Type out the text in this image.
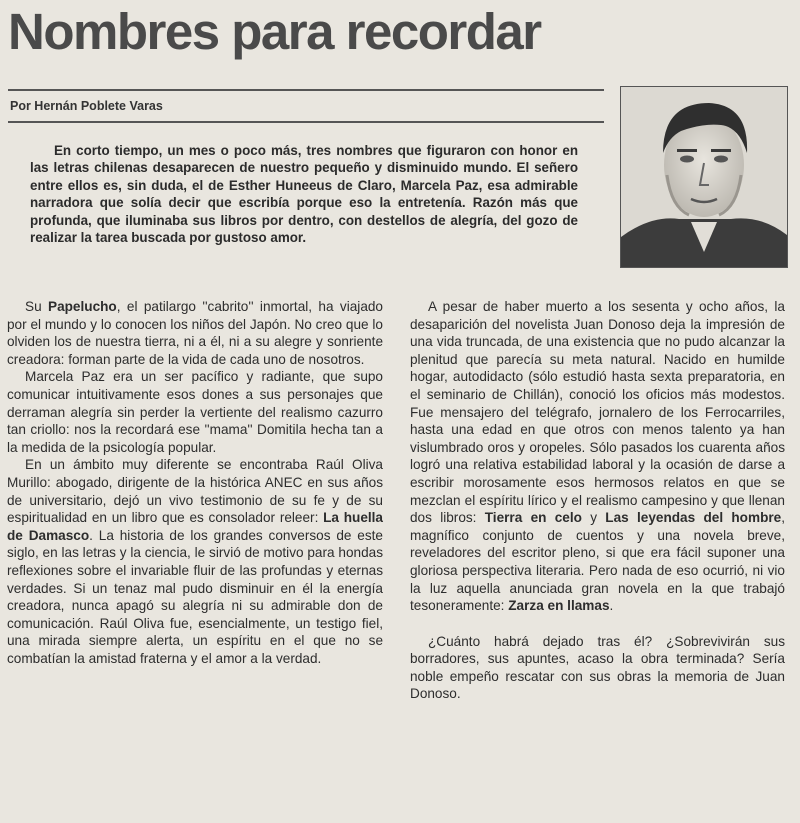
Nombres para recordar
Por Hernán Poblete Varas

En corto tiempo, un mes o poco más, tres nombres que figuraron con honor en las letras chilenas desaparecen de nuestro pequeño y disminuido mundo. El señero entre ellos es, sin duda, el de Esther Huneeus de Claro, Marcela Paz, esa admirable narradora que solía decir que escribía porque eso la entretenía. Razón más que profunda, que iluminaba sus libros por dentro, con destellos de alegría, del gozo de realizar la tarea buscada por gustoso amor.

Su Papelucho, el patilargo ''cabrito'' inmortal, ha viajado por el mundo y lo conocen los niños del Japón. No creo que lo olviden los de nuestra tierra, ni a él, ni a su alegre y sonriente creadora: forman parte de la vida de cada uno de nosotros.

Marcela Paz era un ser pacífico y radiante, que supo comunicar intuitivamente esos dones a sus personajes que derraman alegría sin perder la vertiente del realismo cazurro tan criollo: nos la recordará ese ''mama'' Domitila hecha tan a la medida de la psicología popular.

En un ámbito muy diferente se encontraba Raúl Oliva Murillo: abogado, dirigente de la histórica ANEC en sus años de universitario, dejó un vivo testimonio de su fe y de su espiritualidad en un libro que es consolador releer: La huella de Damasco. La historia de los grandes conversos de este siglo, en las letras y la ciencia, le sirvió de motivo para hondas reflexiones sobre el invariable fluir de las profundas y eternas verdades. Si un tenaz mal pudo disminuir en él la energía creadora, nunca apagó su alegría ni su admirable don de comunicación. Raúl Oliva fue, esencialmente, un testigo fiel, una mirada siempre alerta, un espíritu en el que no se combatían la amistad fraterna y el amor a la verdad.

A pesar de haber muerto a los sesenta y ocho años, la desaparición del novelista Juan Donoso deja la impresión de una vida truncada, de una existencia que no pudo alcanzar la plenitud que parecía su meta natural. Nacido en humilde hogar, autodidacto (sólo estudió hasta sexta preparatoria, en el seminario de Chillán), conoció los oficios más modestos. Fue mensajero del telégrafo, jornalero de los Ferrocarriles, hasta una edad en que otros con menos talento ya han vislumbrado oros y oropeles. Sólo pasados los cuarenta años logró una relativa estabilidad laboral y la ocasión de darse a escribir morosamente esos hermosos relatos en que se mezclan el espíritu lírico y el realismo campesino y que llenan dos libros: Tierra en celo y Las leyendas del hombre, magnífico conjunto de cuentos y una novela breve, reveladores del escritor pleno, si que era fácil suponer una gloriosa perspectiva literaria. Pero nada de eso ocurrió, ni vio la luz aquella anunciada gran novela en la que trabajó tesoneramente: Zarza en llamas.

¿Cuánto habrá dejado tras él? ¿Sobrevivirán sus borradores, sus apuntes, acaso la obra terminada? Sería noble empeño rescatar con sus obras la memoria de Juan Donoso.
